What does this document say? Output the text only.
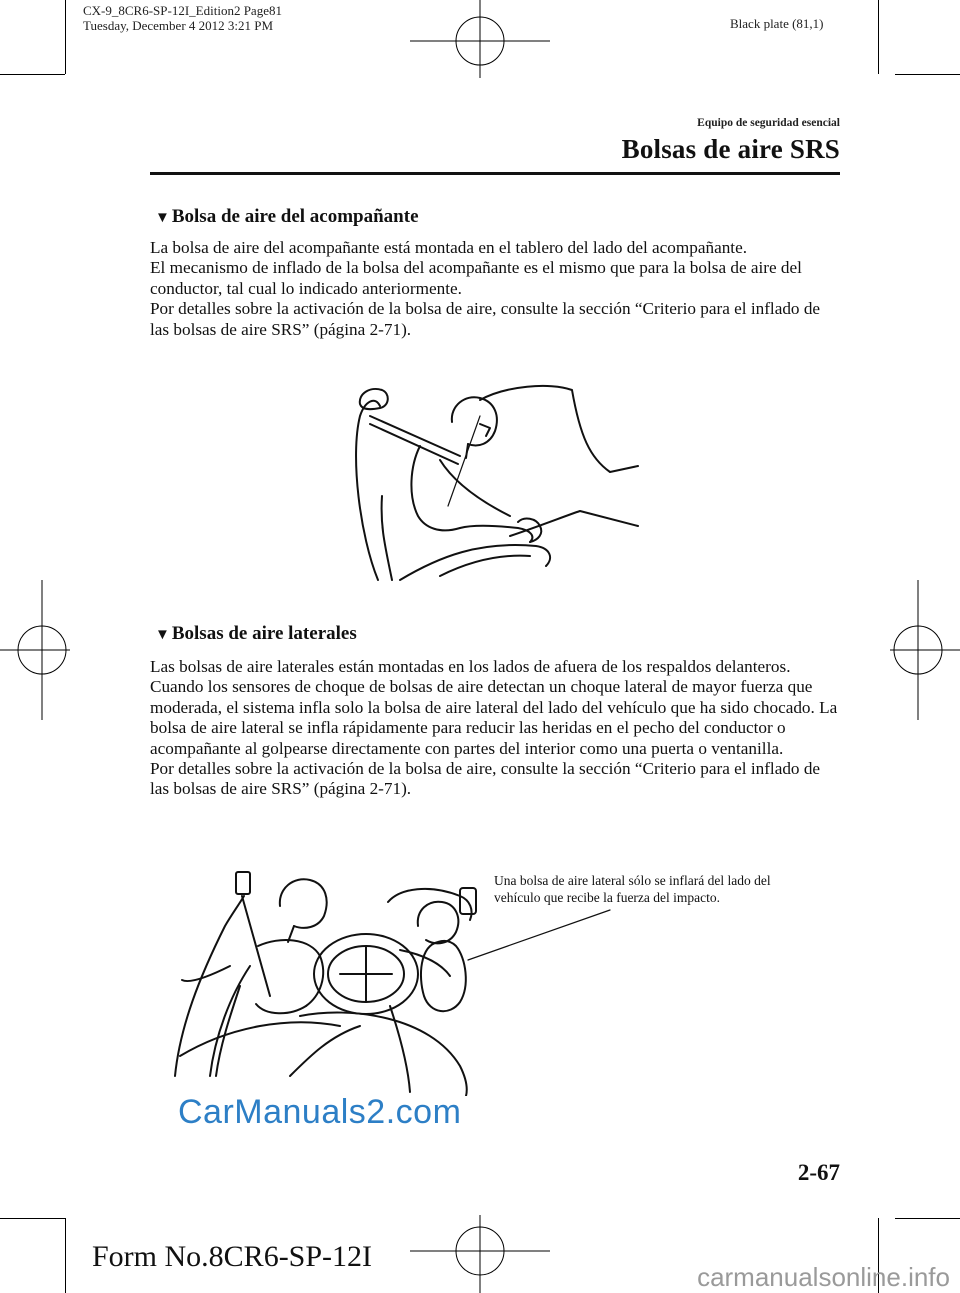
CX-9_8CR6-SP-12I_Edition2 Page81
Tuesday, December 4 2012 3:21 PM	Black plate (81,1)
Equipo de seguridad esencial
Bolsas de aire SRS
▼ Bolsa de aire del acompañante

La bolsa de aire del acompañante está montada en el tablero del lado del acompañante.

El mecanismo de inflado de la bolsa del acompañante es el mismo que para la bolsa de aire del conductor, tal cual lo indicado anteriormente.

Por detalles sobre la activación de la bolsa de aire, consulte la sección “Criterio para el inflado de las bolsas de aire SRS” (página 2-71).

▼ Bolsas de aire laterales

Las bolsas de aire laterales están montadas en los lados de afuera de los respaldos delanteros.

Cuando los sensores de choque de bolsas de aire detectan un choque lateral de mayor fuerza que moderada, el sistema infla solo la bolsa de aire lateral del lado del vehículo que ha sido chocado. La bolsa de aire lateral se infla rápidamente para reducir las heridas en el pecho del conductor o acompañante al golpearse directamente con partes del interior como una puerta o ventanilla.

Por detalles sobre la activación de la bolsa de aire, consulte la sección “Criterio para el inflado de las bolsas de aire SRS” (página 2-71).

Una bolsa de aire lateral sólo se inflará del lado del vehículo que recibe la fuerza del impacto.
CarManuals2.com
2-67
Form No.8CR6-SP-12I
carmanualsonline.info
